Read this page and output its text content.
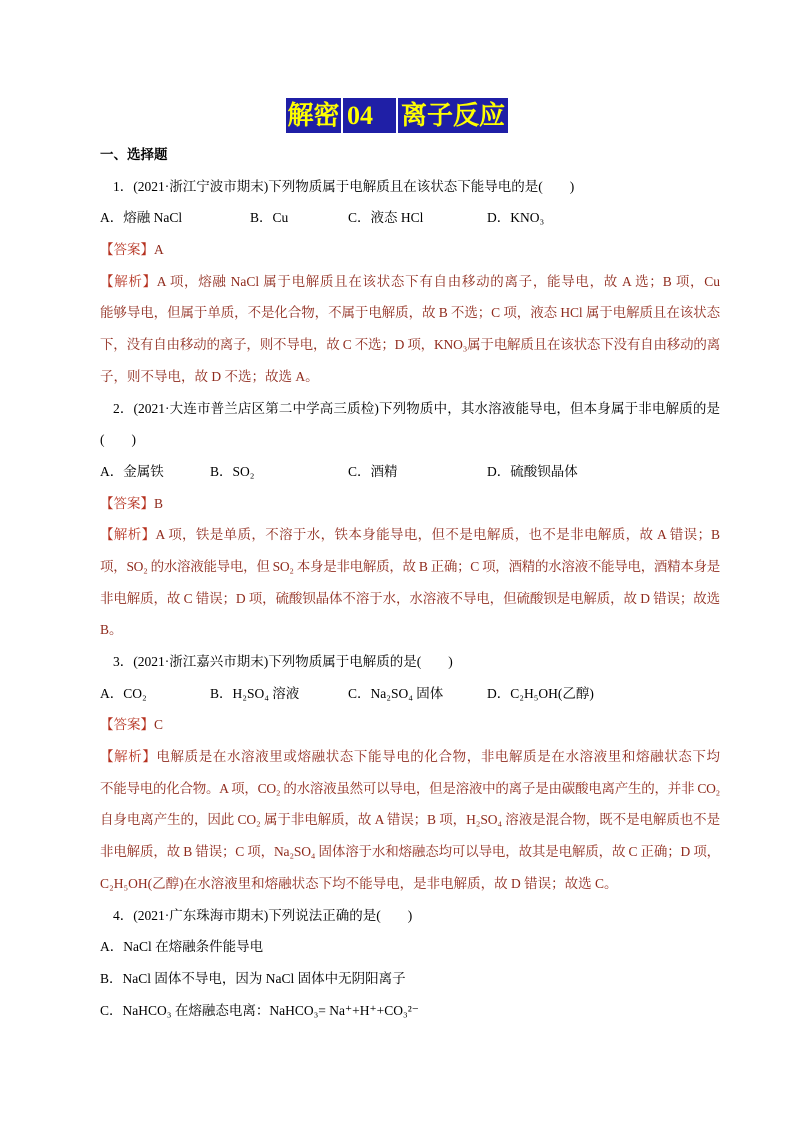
解密 04	离子反应
一、选择题
1．(2021·浙江宁波市期末)下列物质属于电解质且在该状态下能导电的是(　　)
A．熔融 NaCl	B．Cu	C．液态 HCl	D．KNO₃
【答案】A
【解析】A 项，熔融 NaCl 属于电解质且在该状态下有自由移动的离子，能导电，故 A 选；B 项，Cu
能够导电，但属于单质，不是化合物，不属于电解质，故 B 不选；C 项，液态 HCl 属于电解质且在该状态
下，没有自由移动的离子，则不导电，故 C 不选；D 项，KNO₃属于电解质且在该状态下没有自由移动的离
子，则不导电，故 D 不选；故选 A。
2．(2021·大连市普兰店区第二中学高三质检)下列物质中，其水溶液能导电，但本身属于非电解质的是
(　　)
A．金属铁	B．SO₂	C．酒精	D．硫酸钡晶体
【答案】B
【解析】A 项，铁是单质，不溶于水，铁本身能导电，但不是电解质，也不是非电解质，故 A 错误；B
项，SO₂ 的水溶液能导电，但 SO₂ 本身是非电解质，故 B 正确；C 项，酒精的水溶液不能导电，酒精本身是
非电解质，故 C 错误；D 项，硫酸钡晶体不溶于水，水溶液不导电，但硫酸钡是电解质，故 D 错误；故选
B。
3．(2021·浙江嘉兴市期末)下列物质属于电解质的是(　　)
A．CO₂	B．H₂SO₄ 溶液	C．Na₂SO₄ 固体	D．C₂H₅OH(乙醇)
【答案】C
【解析】电解质是在水溶液里或熔融状态下能导电的化合物，非电解质是在水溶液里和熔融状态下均
不能导电的化合物。A 项，CO₂ 的水溶液虽然可以导电，但是溶液中的离子是由碳酸电离产生的，并非 CO₂
自身电离产生的，因此 CO₂ 属于非电解质，故 A 错误；B 项，H₂SO₄ 溶液是混合物，既不是电解质也不是
非电解质，故 B 错误；C 项，Na₂SO₄ 固体溶于水和熔融态均可以导电，故其是电解质，故 C 正确；D 项，
C₂H₅OH(乙醇)在水溶液里和熔融状态下均不能导电，是非电解质，故 D 错误；故选 C。
4．(2021·广东珠海市期末)下列说法正确的是(　　)
A．NaCl 在熔融条件能导电
B．NaCl 固体不导电，因为 NaCl 固体中无阴阳离子
C．NaHCO₃ 在熔融态电离：NaHCO₃= Na⁺+H⁺+CO₃²⁻
